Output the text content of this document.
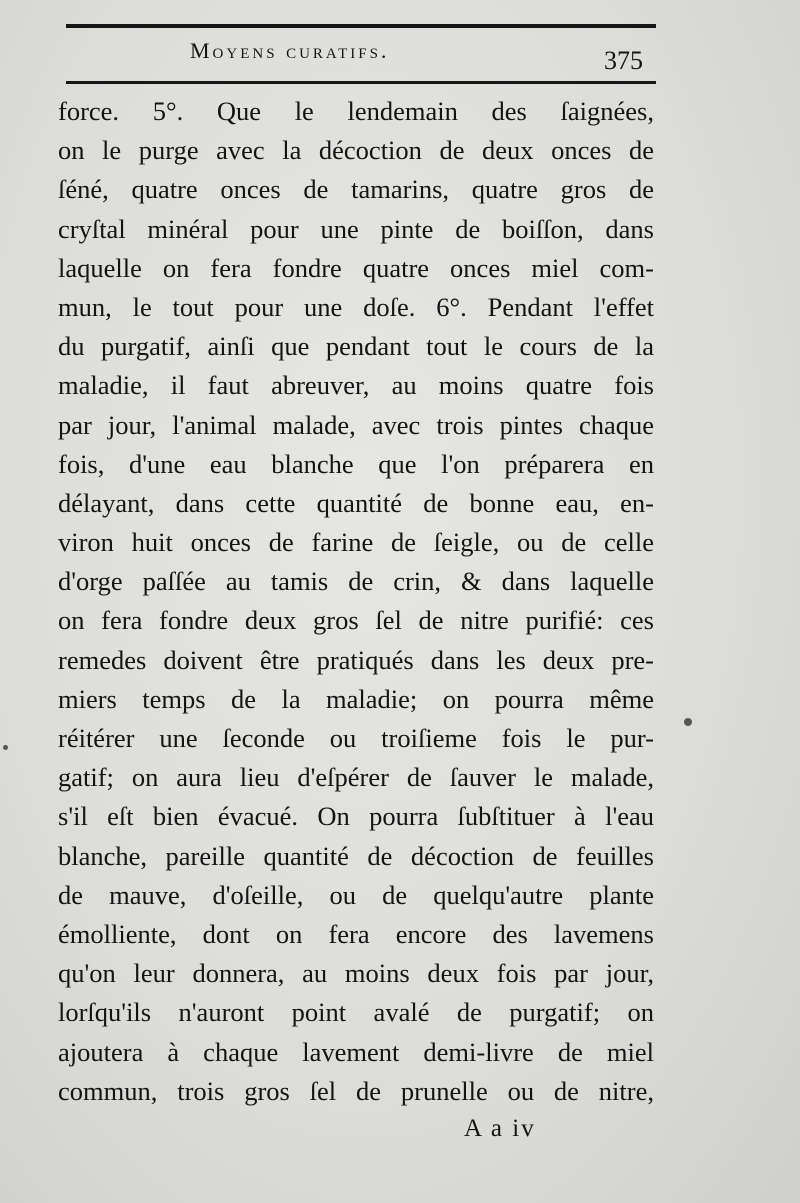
Moyens curatifs.	375
force. 5°. Que le lendemain des ſaignées,
on le purge avec la décoction de deux onces de
ſéné, quatre onces de tamarins, quatre gros de
cryſtal minéral pour une pinte de boiſſon, dans
laquelle on fera fondre quatre onces miel com-
mun, le tout pour une doſe. 6°. Pendant l'effet
du purgatif, ainſi que pendant tout le cours de la
maladie, il faut abreuver, au moins quatre fois
par jour, l'animal malade, avec trois pintes chaque
fois, d'une eau blanche que l'on préparera en
délayant, dans cette quantité de bonne eau, en-
viron huit onces de farine de ſeigle, ou de celle
d'orge paſſée au tamis de crin, & dans laquelle
on fera fondre deux gros ſel de nitre purifié: ces
remedes doivent être pratiqués dans les deux pre-
miers temps de la maladie; on pourra même
réitérer une ſeconde ou troiſieme fois le pur-
gatif; on aura lieu d'eſpérer de ſauver le malade,
s'il eſt bien évacué. On pourra ſubſtituer à l'eau
blanche, pareille quantité de décoction de feuilles
de mauve, d'oſeille, ou de quelqu'autre plante
émolliente, dont on fera encore des lavemens
qu'on leur donnera, au moins deux fois par jour,
lorſqu'ils n'auront point avalé de purgatif; on
ajoutera à chaque lavement demi-livre de miel
commun, trois gros ſel de prunelle ou de nitre,
A a iv
